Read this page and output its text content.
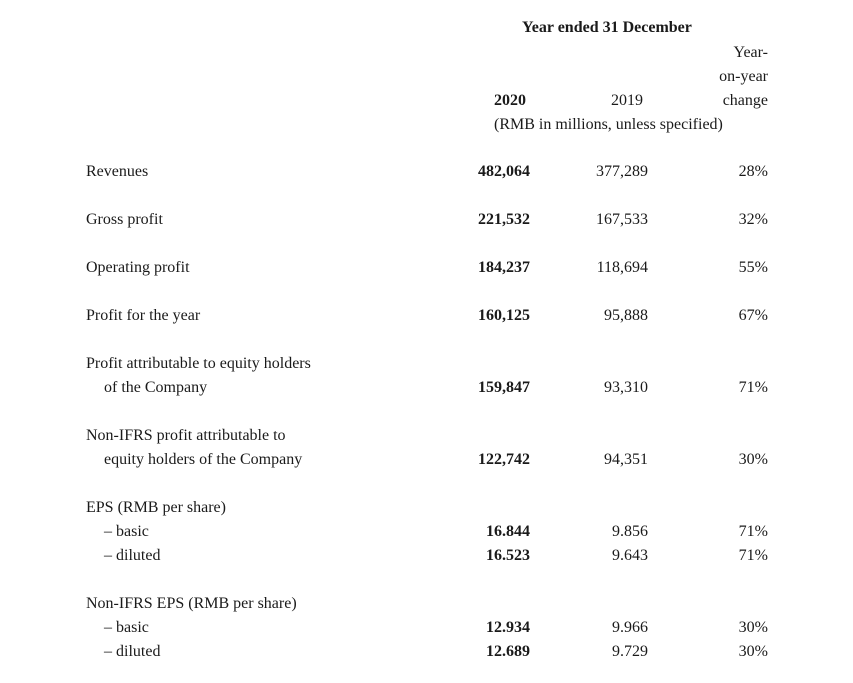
Year ended 31 December
Year-
on-year
change
2020	2019
(RMB in millions, unless specified)
Revenues	482,064	377,289	28%
Gross profit	221,532	167,533	32%
Operating profit	184,237	118,694	55%
Profit for the year	160,125	95,888	67%
Profit attributable to equity holders
of the Company	159,847	93,310	71%
Non-IFRS profit attributable to
equity holders of the Company	122,742	94,351	30%
EPS (RMB per share)
– basic	16.844	9.856	71%
– diluted	16.523	9.643	71%
Non-IFRS EPS (RMB per share)
– basic	12.934	9.966	30%
– diluted	12.689	9.729	30%
